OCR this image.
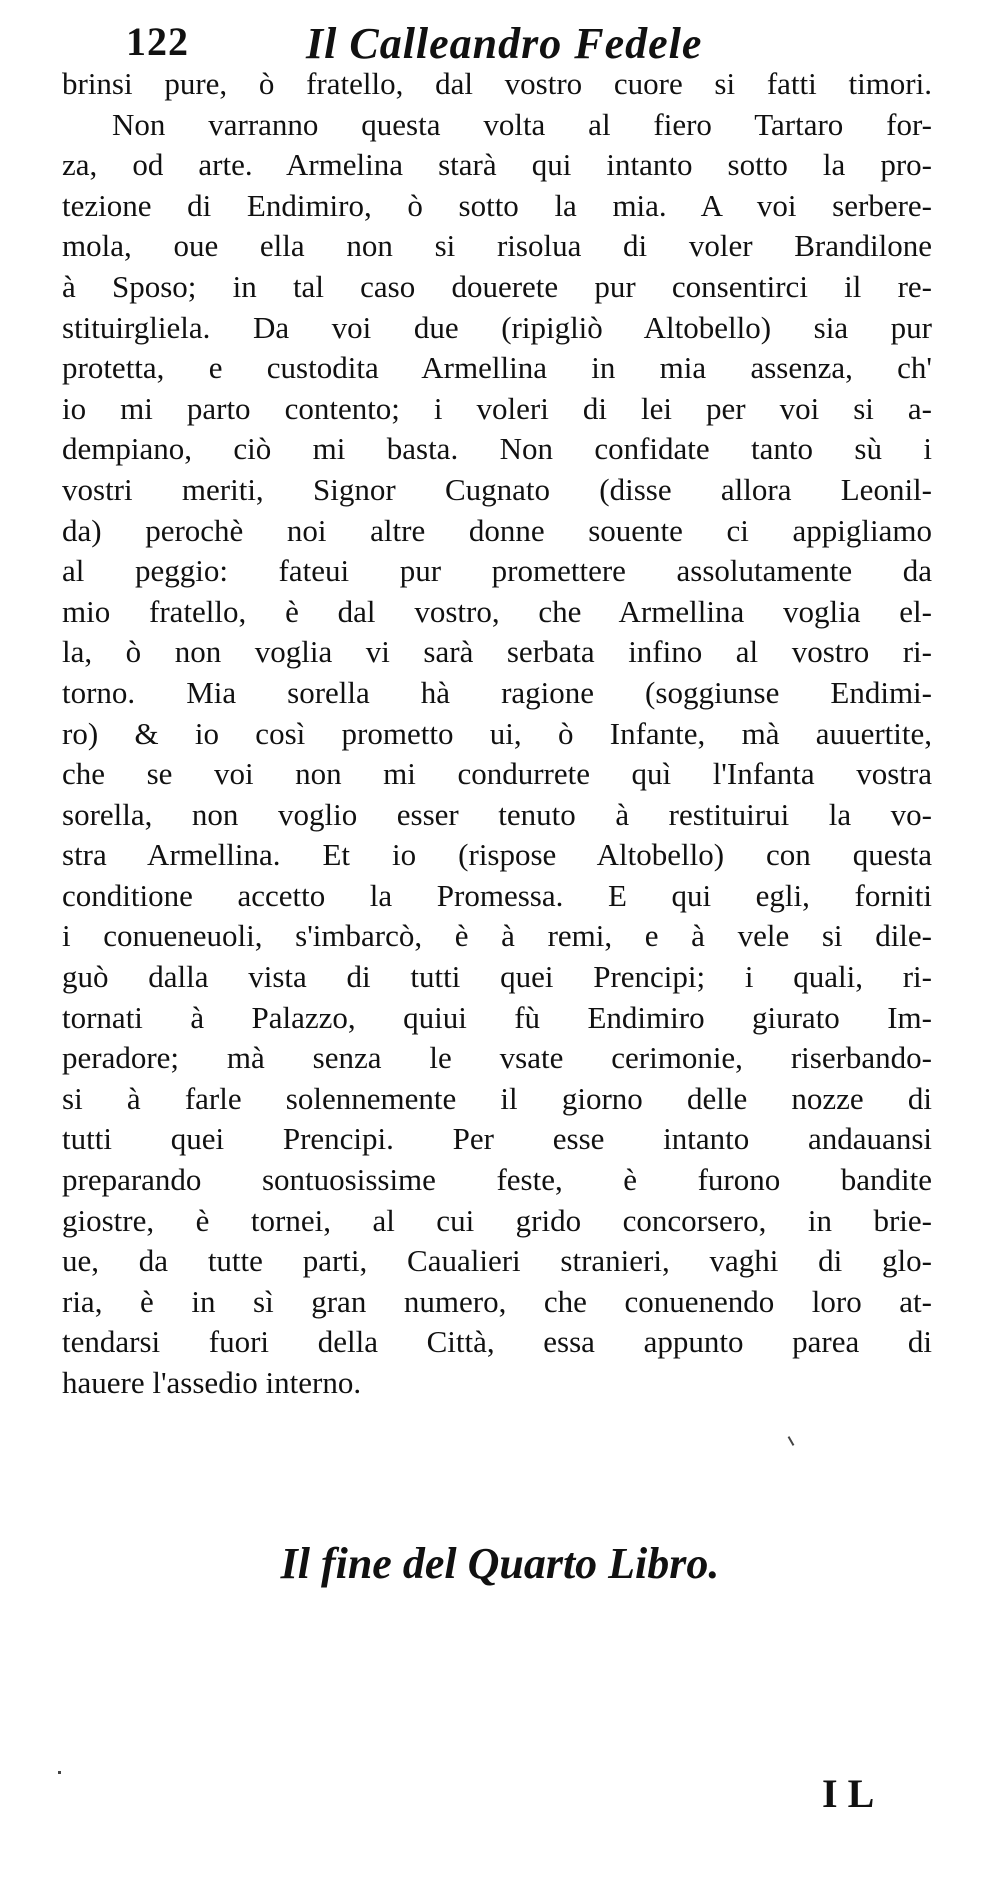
122	Il Calleandro Fedele
brinsi pure, ò fratello, dal vostro cuore si fatti timori.
Non varranno questa volta al fiero Tartaro for-
za, od arte. Armelina starà qui intanto sotto la pro-
tezione di Endimiro, ò sotto la mia. A voi serbere-
mola, oue ella non si risolua di voler Brandilone
à Sposo; in tal caso douerete pur consentirci il re-
stituirgliela. Da voi due (ripigliò Altobello) sia pur
protetta, e custodita Armellina in mia assenza, ch'
io mi parto contento; i voleri di lei per voi si a-
dempiano, ciò mi basta. Non confidate tanto sù i
vostri meriti, Signor Cugnato (disse allora Leonil-
da) perochè noi altre donne souente ci appigliamo
al peggio: fateui pur promettere assolutamente da
mio fratello, è dal vostro, che Armellina voglia el-
la, ò non voglia vi sarà serbata infino al vostro ri-
torno. Mia sorella hà ragione (soggiunse Endimi-
ro) & io così prometto ui, ò Infante, mà auuertite,
che se voi non mi condurrete quì l'Infanta vostra
sorella, non voglio esser tenuto à restituirui la vo-
stra Armellina. Et io (rispose Altobello) con questa
conditione accetto la Promessa. E qui egli, forniti
i conueneuoli, s'imbarcò, è à remi, e à vele si dile-
guò dalla vista di tutti quei Prencipi; i quali, ri-
tornati à Palazzo, quiui fù Endimiro giurato Im-
peradore; mà senza le vsate cerimonie, riserbando-
si à farle solennemente il giorno delle nozze di
tutti quei Prencipi. Per esse intanto andauansi
preparando sontuosissime feste, è furono bandite
giostre, è tornei, al cui grido concorsero, in brie-
ue, da tutte parti, Caualieri stranieri, vaghi di glo-
ria, è in sì gran numero, che conuenendo loro at-
tendarsi fuori della Città, essa appunto parea di
hauere l'assedio interno.
Il fine del Quarto Libro.
I L
